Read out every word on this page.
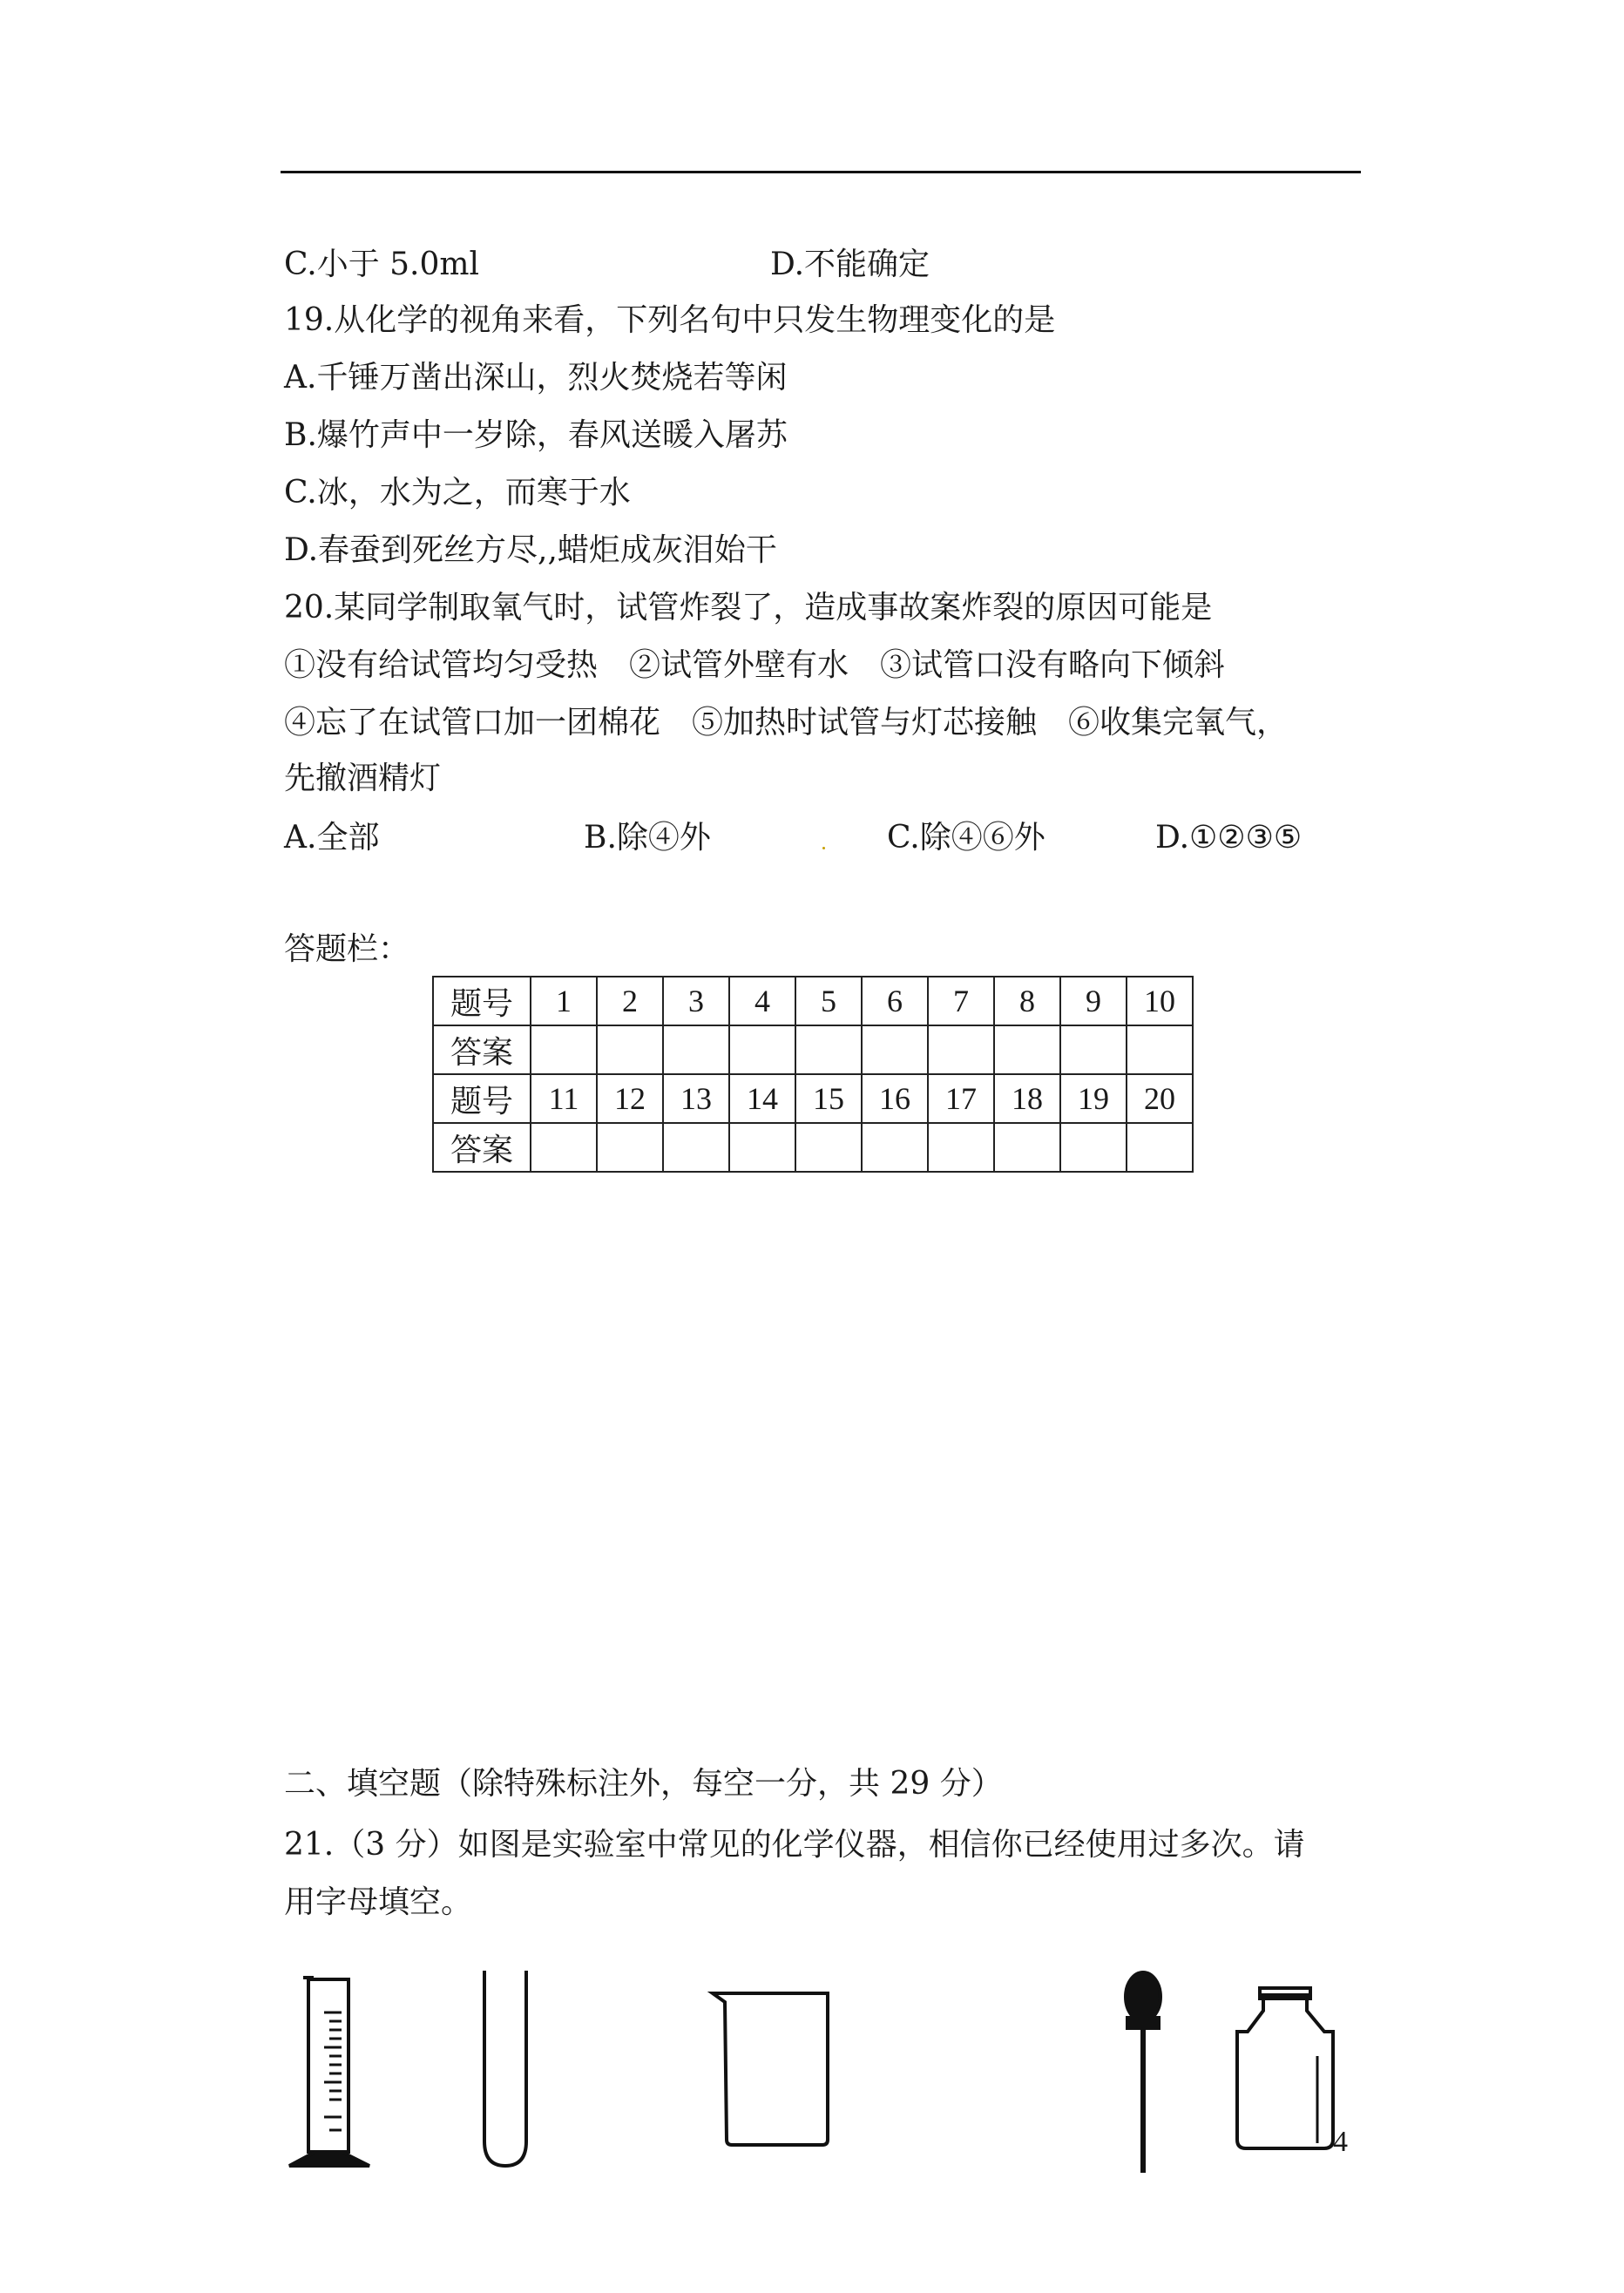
C.小于 5.0ml	D.不能确定
19.从化学的视角来看，下列名句中只发生物理变化的是
A.千锤万凿出深山，烈火焚烧若等闲
B.爆竹声中一岁除，春风送暖入屠苏
C.冰，水为之，而寒于水
D.春蚕到死丝方尽,,蜡炬成灰泪始干
20.某同学制取氧气时，试管炸裂了，造成事故案炸裂的原因可能是
①没有给试管均匀受热　②试管外壁有水　③试管口没有略向下倾斜
④忘了在试管口加一团棉花　⑤加热时试管与灯芯接触　⑥收集完氧气，
先撤酒精灯
A.全部	B.除④外	C.除④⑥外	D.①②③⑤
答题栏：
题号	1	2	3	4	5	6	7	8	9	10
答案										
题号	11	12	13	14	15	16	17	18	19	20
答案										
二、填空题（除特殊标注外，每空一分，共 29 分）
21.（3 分）如图是实验室中常见的化学仪器，相信你已经使用过多次。请
用字母填空。
4
